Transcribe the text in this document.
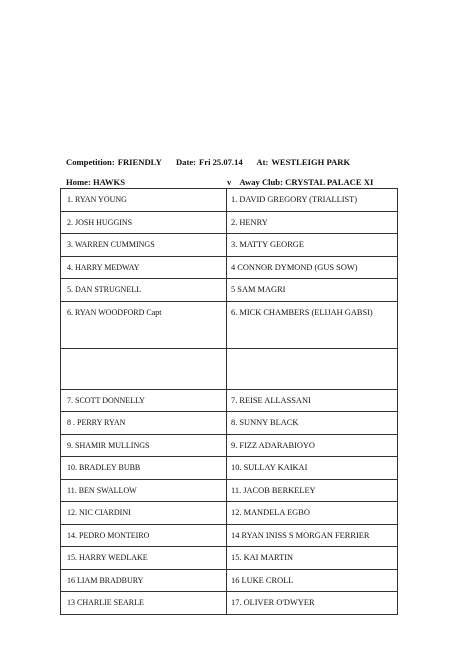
Competition: FRIENDLY Date: Fri 25.07.14 At: WESTLEIGH PARK
Home: HAWKS	v Away Club: CRYSTAL PALACE XI
1. RYAN YOUNG	1. DAVID GREGORY (TRIALLIST)
2. JOSH HUGGINS	2. HENRY
3. WARREN CUMMINGS	3. MATTY GEORGE
4. HARRY MEDWAY	4 CONNOR DYMOND (GUS SOW)
5. DAN STRUGNELL	5 SAM MAGRI
6. RYAN WOODFORD Capt	6. MICK CHAMBERS (ELIJAH GABSI)

7. SCOTT DONNELLY	7. REISE ALLASSANI
8 . PERRY RYAN	8. SUNNY BLACK
9. SHAMIR MULLINGS	9. FIZZ ADARABIOYO
10. BRADLEY BUBB	10. SULLAY KAIKAI
11. BEN SWALLOW	11. JACOB BERKELEY
12. NIC CIARDINI	12. MANDELA EGBO
14. PEDRO MONTEIRO	14 RYAN INISS S MORGAN FERRIER
15. HARRY WEDLAKE	15. KAI MARTIN
16 LIAM BRADBURY	16 LUKE CROLL
13 CHARLIE SEARLE	17. OLIVER O'DWYER
